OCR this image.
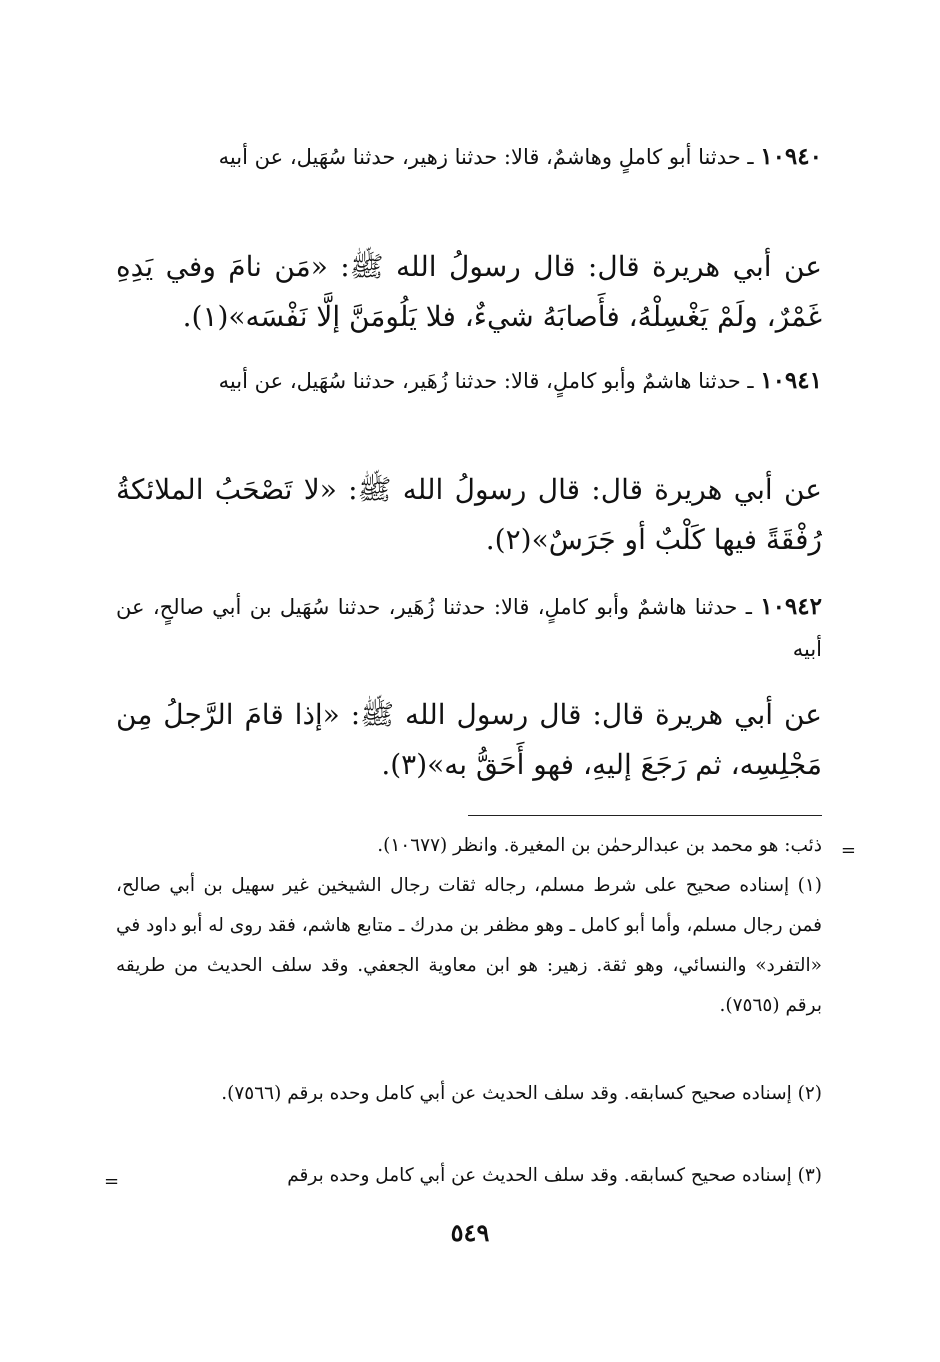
١٠٩٤٠ ـ حدثنا أبو كاملٍ وهاشمٌ، قالا: حدثنا زهير، حدثنا سُهَيل، عن أبيه
عن أبي هريرة قال: قال رسولُ الله ﷺ: «مَن نامَ وفي يَدِهِ غَمْرٌ، ولَمْ يَغْسِلْهُ، فأَصابَهُ شيءٌ، فلا يَلُومَنَّ إلَّا نَفْسَه»(١).
١٠٩٤١ ـ حدثنا هاشمٌ وأبو كاملٍ، قالا: حدثنا زُهَير، حدثنا سُهَيل، عن أبيه
عن أبي هريرة قال: قال رسولُ الله ﷺ: «لا تَصْحَبُ الملائكةُ رُفْقَةً فيها كَلْبٌ أو جَرَسٌ»(٢).
١٠٩٤٢ ـ حدثنا هاشمٌ وأبو كاملٍ، قالا: حدثنا زُهَير، حدثنا سُهَيل بن أبي صالحٍ، عن أبيه
عن أبي هريرة قال: قال رسول الله ﷺ: «إذا قامَ الرَّجلُ مِن مَجْلِسِه، ثم رَجَعَ إليهِ، فهو أَحَقُّ به»(٣).
=
ذئب: هو محمد بن عبدالرحمٰن بن المغيرة. وانظر (١٠٦٧٧).
(١) إسناده صحيح على شرط مسلم، رجاله ثقات رجال الشيخين غير سهيل بن أبي صالح، فمن رجال مسلم، وأما أبو كامل ـ وهو مظفر بن مدرك ـ متابع هاشم، فقد روى له أبو داود في «التفرد» والنسائي، وهو ثقة. زهير: هو ابن معاوية الجعفي. وقد سلف الحديث من طريقه برقم (٧٥٦٥).
(٢) إسناده صحيح كسابقه. وقد سلف الحديث عن أبي كامل وحده برقم (٧٥٦٦).
(٣) إسناده صحيح كسابقه. وقد سلف الحديث عن أبي كامل وحده برقم
=
٥٤٩
